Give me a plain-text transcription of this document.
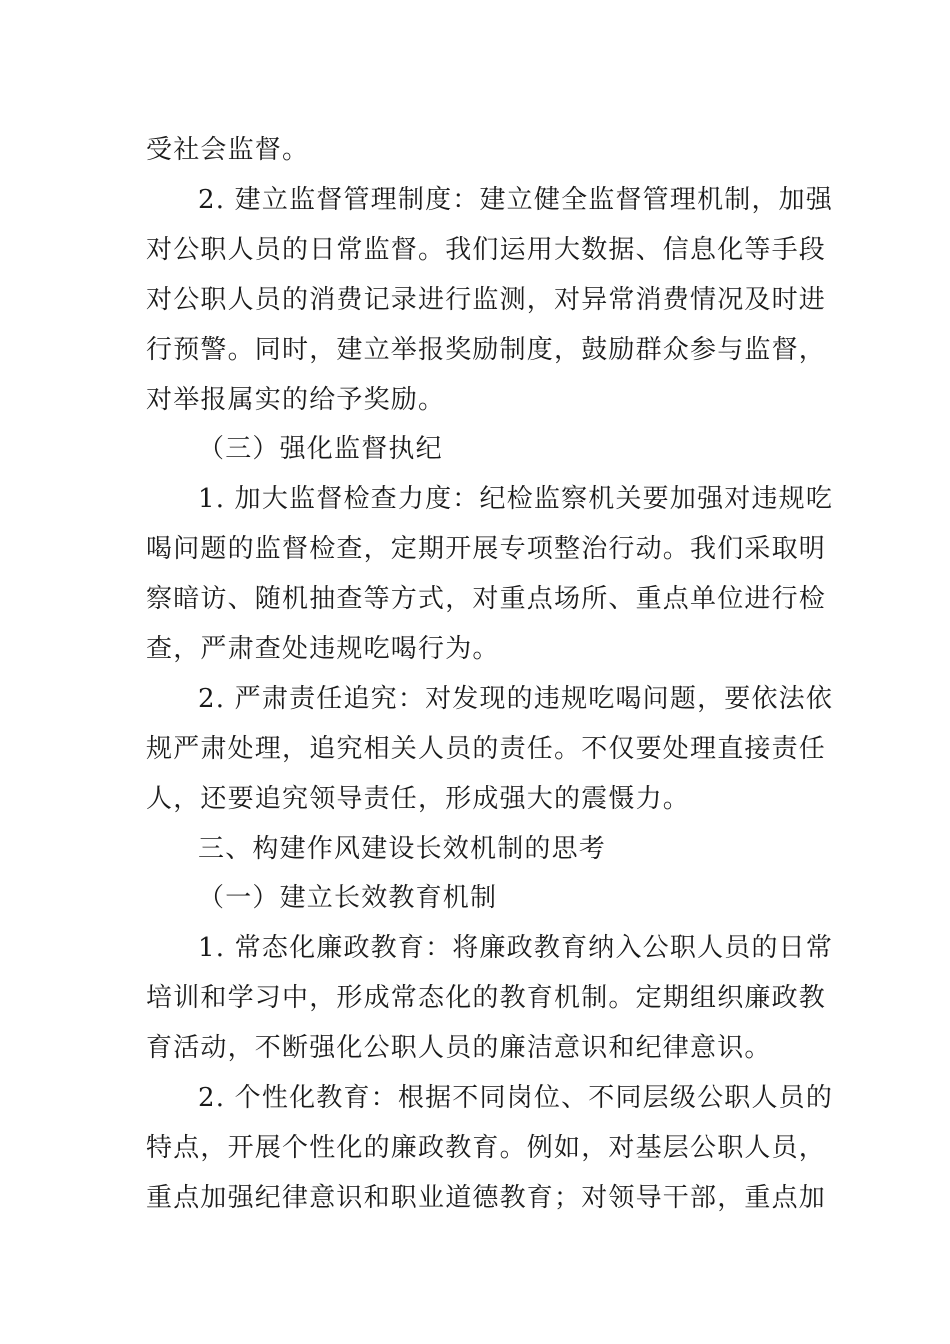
受社会监督。
2. 建立监督管理制度：建立健全监督管理机制，加强
对公职人员的日常监督。我们运用大数据、信息化等手段
对公职人员的消费记录进行监测，对异常消费情况及时进
行预警。同时，建立举报奖励制度，鼓励群众参与监督，
对举报属实的给予奖励。
（三）强化监督执纪
1. 加大监督检查力度：纪检监察机关要加强对违规吃
喝问题的监督检查，定期开展专项整治行动。我们采取明
察暗访、随机抽查等方式，对重点场所、重点单位进行检
查，严肃查处违规吃喝行为。
2. 严肃责任追究：对发现的违规吃喝问题，要依法依
规严肃处理，追究相关人员的责任。不仅要处理直接责任
人，还要追究领导责任，形成强大的震慑力。
三、构建作风建设长效机制的思考
（一）建立长效教育机制
1. 常态化廉政教育：将廉政教育纳入公职人员的日常
培训和学习中，形成常态化的教育机制。定期组织廉政教
育活动，不断强化公职人员的廉洁意识和纪律意识。
2. 个性化教育：根据不同岗位、不同层级公职人员的
特点，开展个性化的廉政教育。例如，对基层公职人员，
重点加强纪律意识和职业道德教育；对领导干部，重点加
